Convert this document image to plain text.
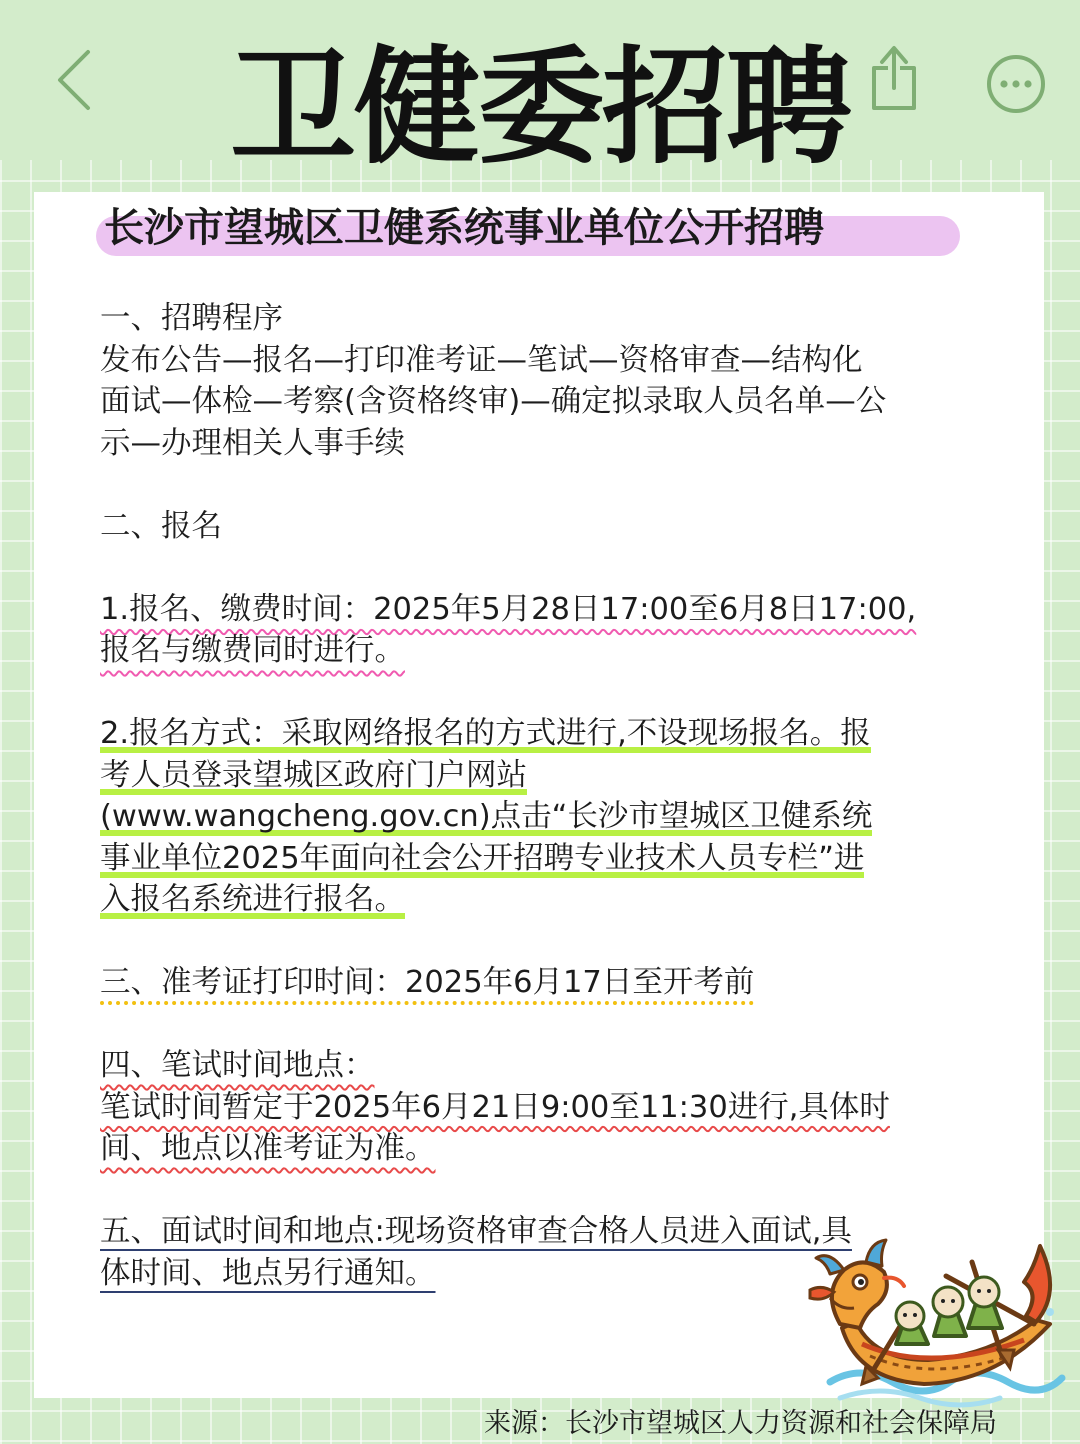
卫健委招聘
长沙市望城区卫健系统事业单位公开招聘
一、招聘程序
发布公告—报名—打印准考证—笔试—资格审查—结构化
面试—体检—考察(含资格终审)—确定拟录取人员名单—公
示—办理相关人事手续
二、报名
1.报名、缴费时间：2025年5月28日17:00至6月8日17:00,
报名与缴费同时进行。
2.报名方式：采取网络报名的方式进行,不设现场报名。报
考人员登录望城区政府门户网站
(www.wangcheng.gov.cn)点击“长沙市望城区卫健系统
事业单位2025年面向社会公开招聘专业技术人员专栏”进
入报名系统进行报名。
三、准考证打印时间：2025年6月17日至开考前
四、笔试时间地点：
笔试时间暂定于2025年6月21日9:00至11:30进行,具体时
间、地点以准考证为准。
五、面试时间和地点:现场资格审查合格人员进入面试,具
体时间、地点另行通知。
来源：长沙市望城区人力资源和社会保障局
